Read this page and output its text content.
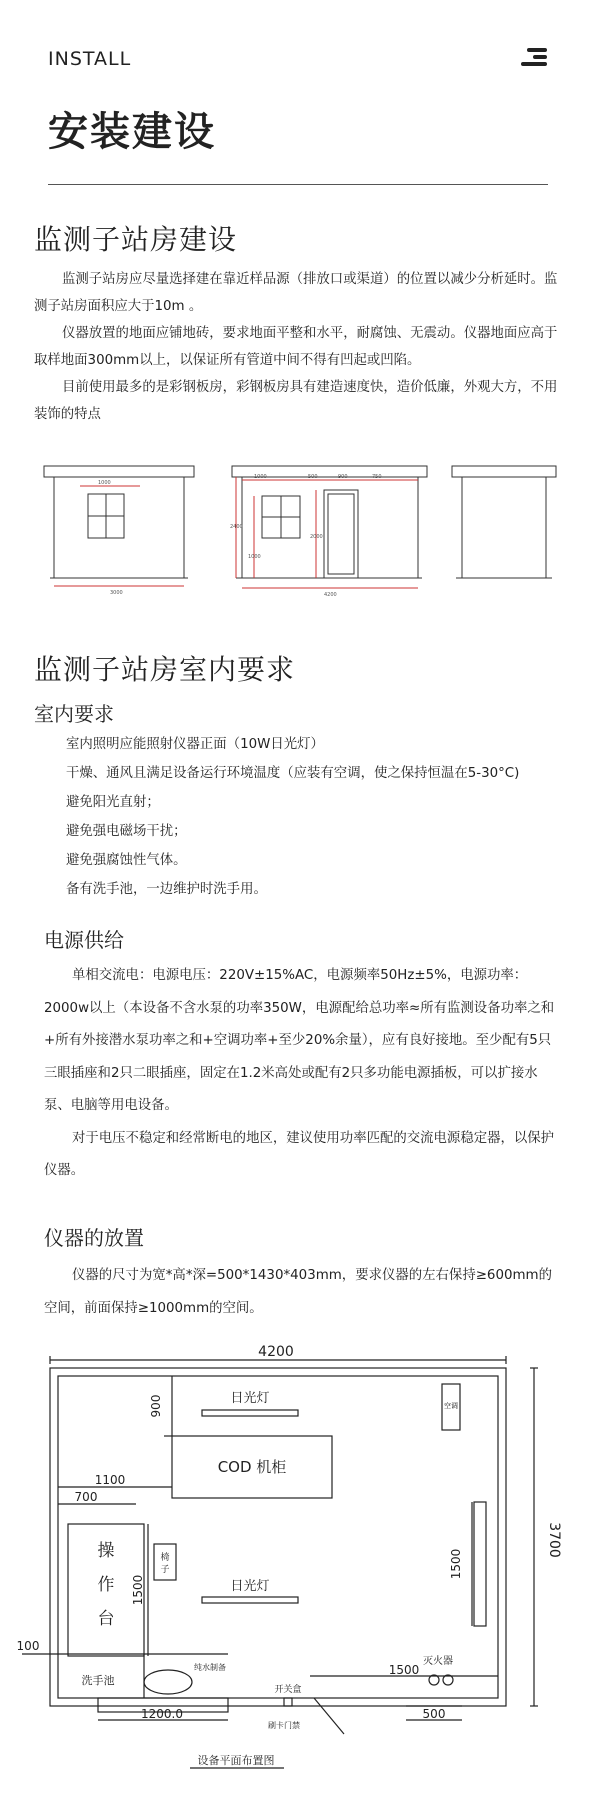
INSTALL
安装建设
监测子站房建设

监测子站房应尽量选择建在靠近样品源（排放口或渠道）的位置以减少分析延时。监测子站房面积应大于10m 。

仪器放置的地面应铺地砖，要求地面平整和水平，耐腐蚀、无震动。仪器地面应高于取样地面300mm以上，以保证所有管道中间不得有凹起或凹陷。

目前使用最多的是彩钢板房，彩钢板房具有建造速度快，造价低廉，外观大方，不用装饰的特点

1000
3000
1000	500	900	750
2400
1000
2000
4200
监测子站房室内要求
室内要求

室内照明应能照射仪器正面（10W日光灯）

干燥、通风且满足设备运行环境温度（应装有空调，使之保持恒温在5-30°C)

避免阳光直射；

避免强电磁场干扰；

避免强腐蚀性气体。

备有洗手池，一边维护时洗手用。

电源供给

单相交流电：电源电压：220V±15%AC，电源频率50Hz±5%，电源功率：2000w以上（本设备不含水泵的功率350W，电源配给总功率≈所有监测设备功率之和+所有外接潜水泵功率之和+空调功率+至少20%余量），应有良好接地。至少配有5只三眼插座和2只二眼插座，固定在1.2米高处或配有2只多功能电源插板，可以扩接水泵、电脑等用电设备。

对于电压不稳定和经常断电的地区，建议使用功率匹配的交流电源稳定器，以保护仪器。

仪器的放置

仪器的尺寸为宽*高*深=500*1430*403mm，要求仪器的左右保持≥600mm的空间，前面保持≥1000mm的空间。

4200
3700
900
1100
700
1500
1500
1500
100
1200.0	500
日光灯
日光灯
COD 机柜
操
作
台
椅
子
洗手池
纯水制备
开关盒
刷卡门禁
灭火器
空调
设备平面布置图
